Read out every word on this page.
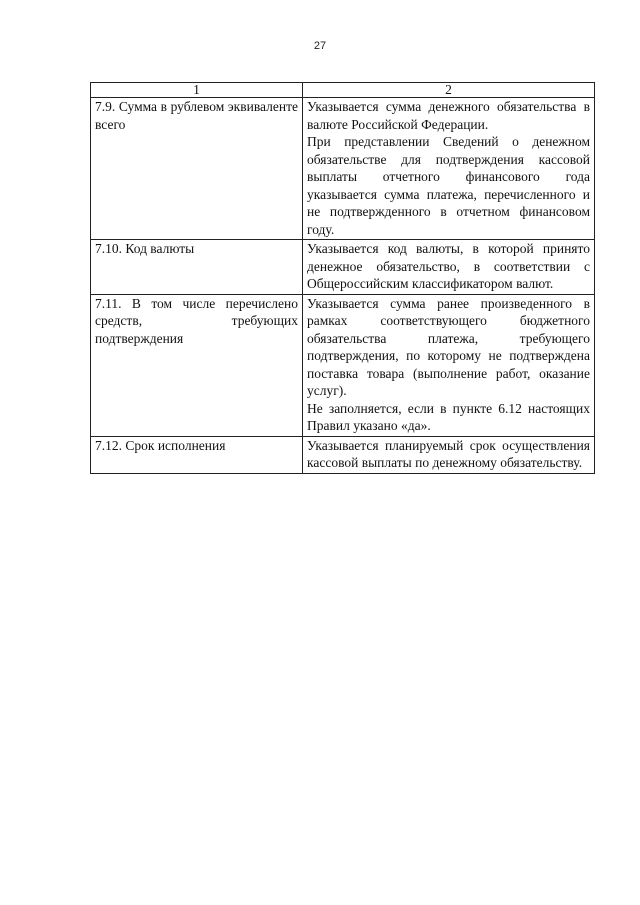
27
1	2
7.9. Сумма в рублевом эквиваленте всего	Указывается сумма денежного обязательства в валюте Российской Федерации.

При представлении Сведений о денежном обязательстве для подтверждения кассовой выплаты отчетного финансового года указывается сумма платежа, перечисленного и не подтвержденного в отчетном финансовом году.

7.10. Код валюты	Указывается код валюты, в которой принято денежное обязательство, в соответствии с Общероссийским классификатором валют.

7.11. В том числе перечислено средств, требующих подтверждения	Указывается сумма ранее произведенного в рамках соответствующего бюджетного обязательства платежа, требующего подтверждения, по которому не подтверждена поставка товара (выполнение работ, оказание услуг).

Не заполняется, если в пункте 6.12 настоящих Правил указано «да».

7.12. Срок исполнения	Указывается планируемый срок осуществления кассовой выплаты по денежному обязательству.
